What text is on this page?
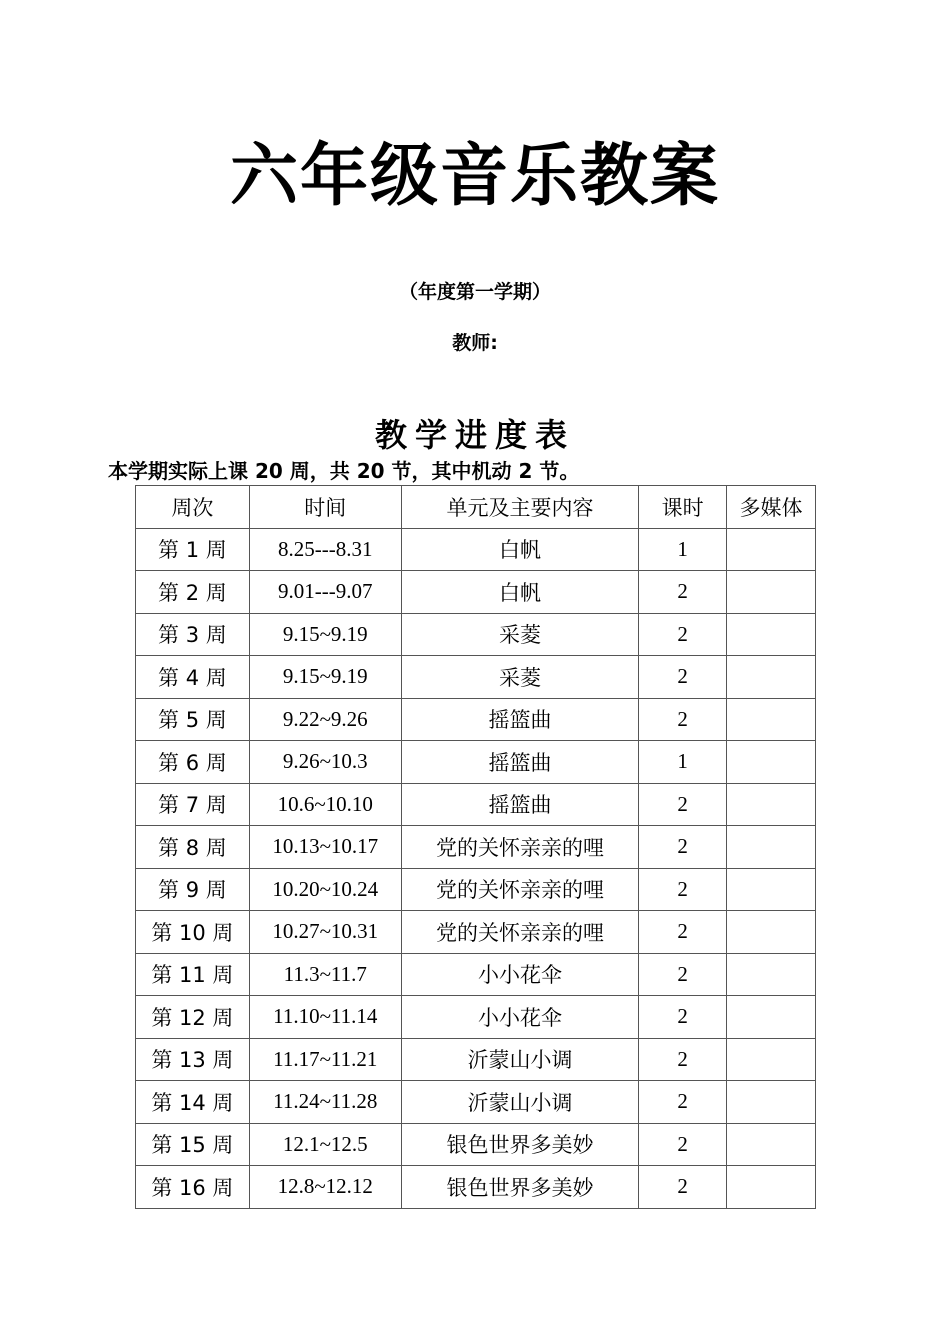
六年级音乐教案
（年度第一学期）
教师:
教学进度表
本学期实际上课 20 周，共 20 节，其中机动 2 节。
周次	时间	单元及主要内容	课时	多媒体
第 1 周	8.25---8.31	白帆	1	
第 2 周	9.01---9.07	白帆	2	
第 3 周	9.15~9.19	采菱	2	
第 4 周	9.15~9.19	采菱	2	
第 5 周	9.22~9.26	摇篮曲	2	
第 6 周	9.26~10.3	摇篮曲	1	
第 7 周	10.6~10.10	摇篮曲	2	
第 8 周	10.13~10.17	党的关怀亲亲的哩	2	
第 9 周	10.20~10.24	党的关怀亲亲的哩	2	
第 10 周	10.27~10.31	党的关怀亲亲的哩	2	
第 11 周	11.3~11.7	小小花伞	2	
第 12 周	11.10~11.14	小小花伞	2	
第 13 周	11.17~11.21	沂蒙山小调	2	
第 14 周	11.24~11.28	沂蒙山小调	2	
第 15 周	12.1~12.5	银色世界多美妙	2	
第 16 周	12.8~12.12	银色世界多美妙	2	
